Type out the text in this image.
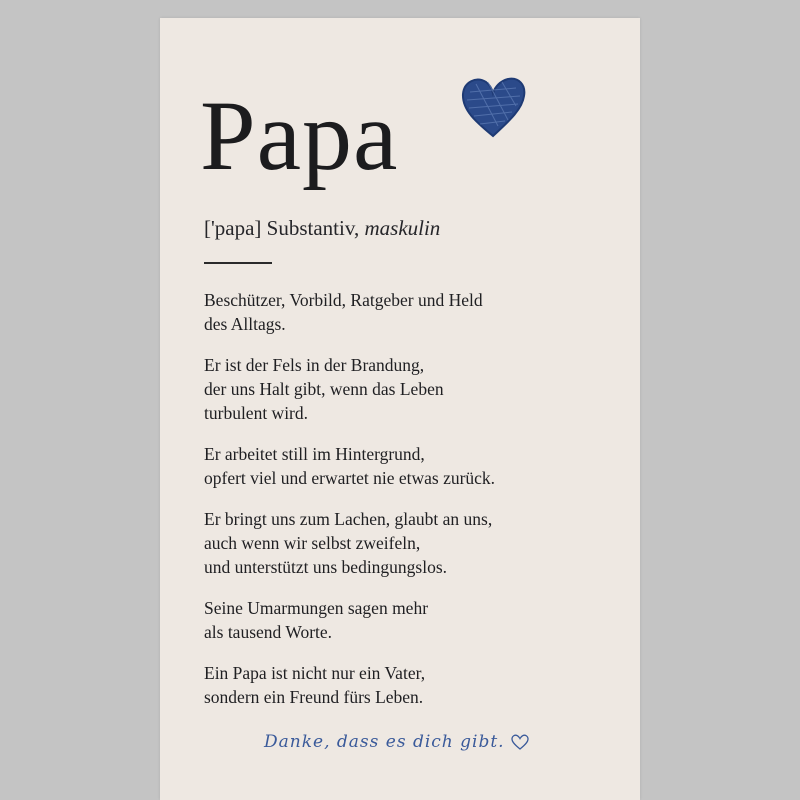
Papa
['papa] Substantiv, maskulin

Beschützer, Vorbild, Ratgeber und Held
des Alltags.

Er ist der Fels in der Brandung,
der uns Halt gibt, wenn das Leben
turbulent wird.

Er arbeitet still im Hintergrund,
opfert viel und erwartet nie etwas zurück.

Er bringt uns zum Lachen, glaubt an uns,
auch wenn wir selbst zweifeln,
und unterstützt uns bedingungslos.

Seine Umarmungen sagen mehr
als tausend Worte.

Ein Papa ist nicht nur ein Vater,
sondern ein Freund fürs Leben.

Danke, dass es dich gibt.
